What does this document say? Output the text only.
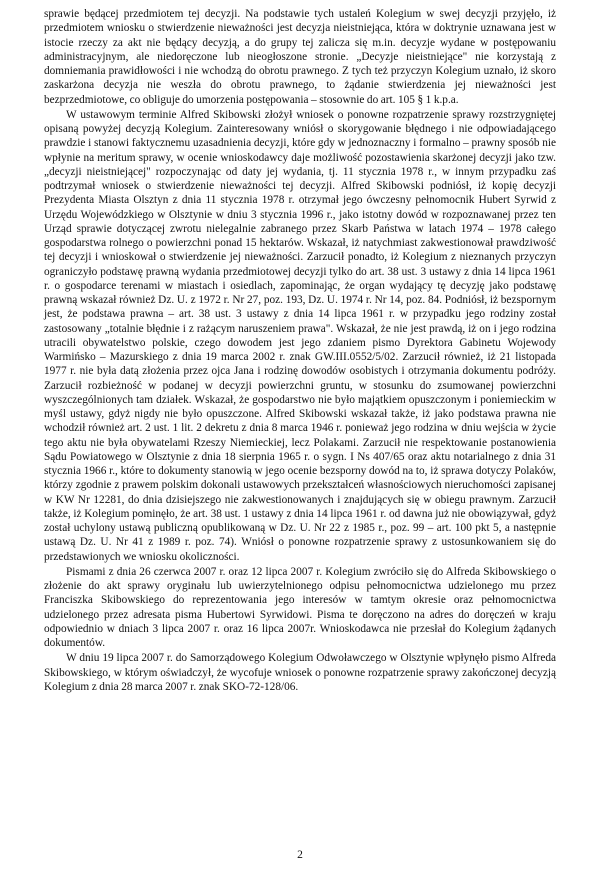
sprawie będącej przedmiotem tej decyzji. Na podstawie tych ustaleń Kolegium w swej decyzji przyjęło, iż przedmiotem wniosku o stwierdzenie nieważności jest decyzja nieistniejąca, która w doktrynie uznawana jest w istocie rzeczy za akt nie będący decyzją, a do grupy tej zalicza się m.in. decyzje wydane w postępowaniu administracyjnym, ale niedoręczone lub nieogłoszone stronie. „Decyzje nieistniejące" nie korzystają z domniemania prawidłowości i nie wchodzą do obrotu prawnego. Z tych też przyczyn Kolegium uznało, iż skoro zaskarżona decyzja nie weszła do obrotu prawnego, to żądanie stwierdzenia jej nieważności jest bezprzedmiotowe, co obliguje do umorzenia postępowania – stosownie do art. 105 § 1 k.p.a.

W ustawowym terminie Alfred Skibowski złożył wniosek o ponowne rozpatrzenie sprawy rozstrzygniętej opisaną powyżej decyzją Kolegium. Zainteresowany wniósł o skorygowanie błędnego i nie odpowiadającego prawdzie i stanowi faktycznemu uzasadnienia decyzji, które gdy w jednoznaczny i formalno – prawny sposób nie wpłynie na meritum sprawy, w ocenie wnioskodawcy daje możliwość pozostawienia skarżonej decyzji jako tzw. „decyzji nieistniejącej" rozpoczynając od daty jej wydania, tj. 11 stycznia 1978 r., w innym przypadku zaś podtrzymał wniosek o stwierdzenie nieważności tej decyzji. Alfred Skibowski podniósł, iż kopię decyzji Prezydenta Miasta Olsztyn z dnia 11 stycznia 1978 r. otrzymał jego ówczesny pełnomocnik Hubert Syrwid z Urzędu Wojewódzkiego w Olsztynie w dniu 3 stycznia 1996 r., jako istotny dowód w rozpoznawanej przez ten Urząd sprawie dotyczącej zwrotu nielegalnie zabranego przez Skarb Państwa w latach 1974 – 1978 całego gospodarstwa rolnego o powierzchni ponad 15 hektarów. Wskazał, iż natychmiast zakwestionował prawdziwość tej decyzji i wnioskował o stwierdzenie jej nieważności. Zarzucił ponadto, iż Kolegium z nieznanych przyczyn ograniczyło podstawę prawną wydania przedmiotowej decyzji tylko do art. 38 ust. 3 ustawy z dnia 14 lipca 1961 r. o gospodarce terenami w miastach i osiedlach, zapominając, że organ wydający tę decyzję jako podstawę prawną wskazał również Dz. U. z 1972 r. Nr 27, poz. 193, Dz. U. 1974 r. Nr 14, poz. 84. Podniósł, iż bezspornym jest, że podstawa prawna – art. 38 ust. 3 ustawy z dnia 14 lipca 1961 r. w przypadku jego rodziny został zastosowany „totalnie błędnie i z rażącym naruszeniem prawa". Wskazał, że nie jest prawdą, iż on i jego rodzina utracili obywatelstwo polskie, czego dowodem jest jego zdaniem pismo Dyrektora Gabinetu Wojewody Warmińsko – Mazurskiego z dnia 19 marca 2002 r. znak GW.III.0552/5/02. Zarzucił również, iż 21 listopada 1977 r. nie była datą złożenia przez ojca Jana i rodzinę dowodów osobistych i otrzymania dokumentu podróży. Zarzucił rozbieżność w podanej w decyzji powierzchni gruntu, w stosunku do zsumowanej powierzchni wyszczególnionych tam działek. Wskazał, że gospodarstwo nie było majątkiem opuszczonym i poniemieckim w myśl ustawy, gdyż nigdy nie było opuszczone. Alfred Skibowski wskazał także, iż jako podstawa prawna nie wchodził również art. 2 ust. 1 lit. 2 dekretu z dnia 8 marca 1946 r. ponieważ jego rodzina w dniu wejścia w życie tego aktu nie była obywatelami Rzeszy Niemieckiej, lecz Polakami. Zarzucił nie respektowanie postanowienia Sądu Powiatowego w Olsztynie z dnia 18 sierpnia 1965 r. o sygn. I Ns 407/65 oraz aktu notarialnego z dnia 31 stycznia 1966 r., które to dokumenty stanowią w jego ocenie bezsporny dowód na to, iż sprawa dotyczy Polaków, którzy zgodnie z prawem polskim dokonali ustawowych przekształceń własnościowych nieruchomości zapisanej w KW Nr 12281, do dnia dzisiejszego nie zakwestionowanych i znajdujących się w obiegu prawnym. Zarzucił także, iż Kolegium pominęło, że art. 38 ust. 1 ustawy z dnia 14 lipca 1961 r. od dawna już nie obowiązywał, gdyż został uchylony ustawą publiczną opublikowaną w Dz. U. Nr 22 z 1985 r., poz. 99 – art. 100 pkt 5, a następnie ustawą Dz. U. Nr 41 z 1989 r. poz. 74). Wniósł o ponowne rozpatrzenie sprawy z ustosunkowaniem się do przedstawionych we wniosku okoliczności.

Pismami z dnia 26 czerwca 2007 r. oraz 12 lipca 2007 r. Kolegium zwróciło się do Alfreda Skibowskiego o złożenie do akt sprawy oryginału lub uwierzytelnionego odpisu pełnomocnictwa udzielonego mu przez Franciszka Skibowskiego do reprezentowania jego interesów w tamtym okresie oraz pełnomocnictwa udzielonego przez adresata pisma Hubertowi Syrwidowi. Pisma te doręczono na adres do doręczeń w kraju odpowiednio w dniach 3 lipca 2007 r. oraz 16 lipca 2007r. Wnioskodawca nie przesłał do Kolegium żądanych dokumentów.

W dniu 19 lipca 2007 r. do Samorządowego Kolegium Odwoławczego w Olsztynie wpłynęło pismo Alfreda Skibowskiego, w którym oświadczył, że wycofuje wniosek o ponowne rozpatrzenie sprawy zakończonej decyzją Kolegium z dnia 28 marca 2007 r. znak SKO-72-128/06.

2
